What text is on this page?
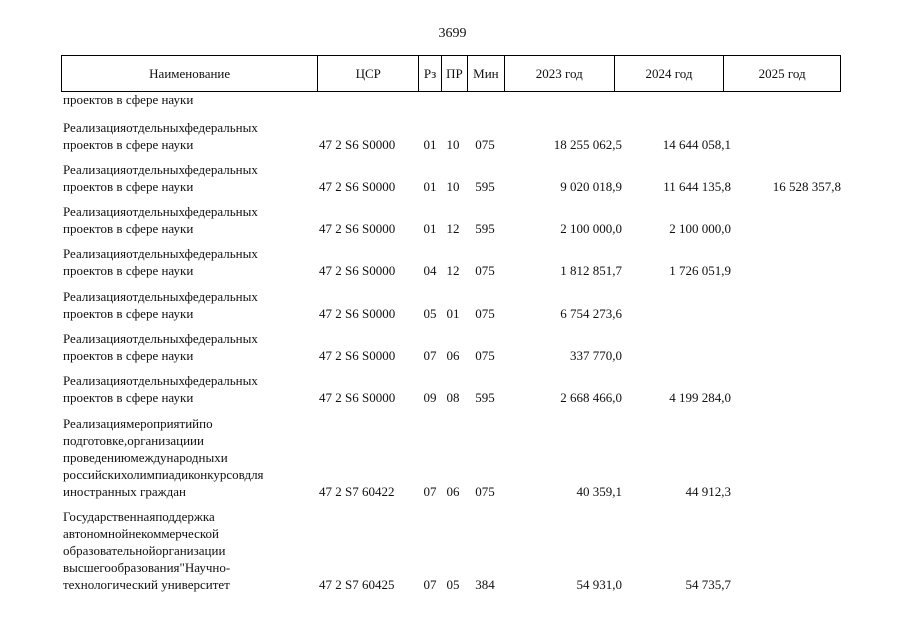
3699
Наименование	ЦСР	Рз ПР Мин	2023 год	2024 год	2025 год
проектов в сфере науки
Реализацияотдельныхфедеральных
проектов в сфере науки	47 2 S6 S0000 01 10	075	18 255 062,5	14 644 058,1
Реализацияотдельныхфедеральных
проектов в сфере науки	47 2 S6 S0000 01 10	595	9 020 018,9	11 644 135,8	16 528 357,8
Реализацияотдельныхфедеральных
проектов в сфере науки	47 2 S6 S0000 01 12	595	2 100 000,0	2 100 000,0
Реализацияотдельныхфедеральных
проектов в сфере науки	47 2 S6 S0000 04 12	075	1 812 851,7	1 726 051,9
Реализацияотдельныхфедеральных
проектов в сфере науки	47 2 S6 S0000 05 01	075	6 754 273,6
Реализацияотдельныхфедеральных
проектов в сфере науки	47 2 S6 S0000 07 06	075	337 770,0
Реализацияотдельныхфедеральных
проектов в сфере науки	47 2 S6 S0000 09 08	595	2 668 466,0	4 199 284,0
Реализациямероприятийпо
подготовке,организациии
проведениюмеждународныхи
российскихолимпиадиконкурсовдля
иностранных граждан	47 2 S7 60422 07 06	075	40 359,1	44 912,3
Государственнаяподдержка
автономнойнекоммерческой
образовательнойорганизации
высшегообразования"Научно-
технологический университет	47 2 S7 60425 07 05	384	54 931,0	54 735,7
